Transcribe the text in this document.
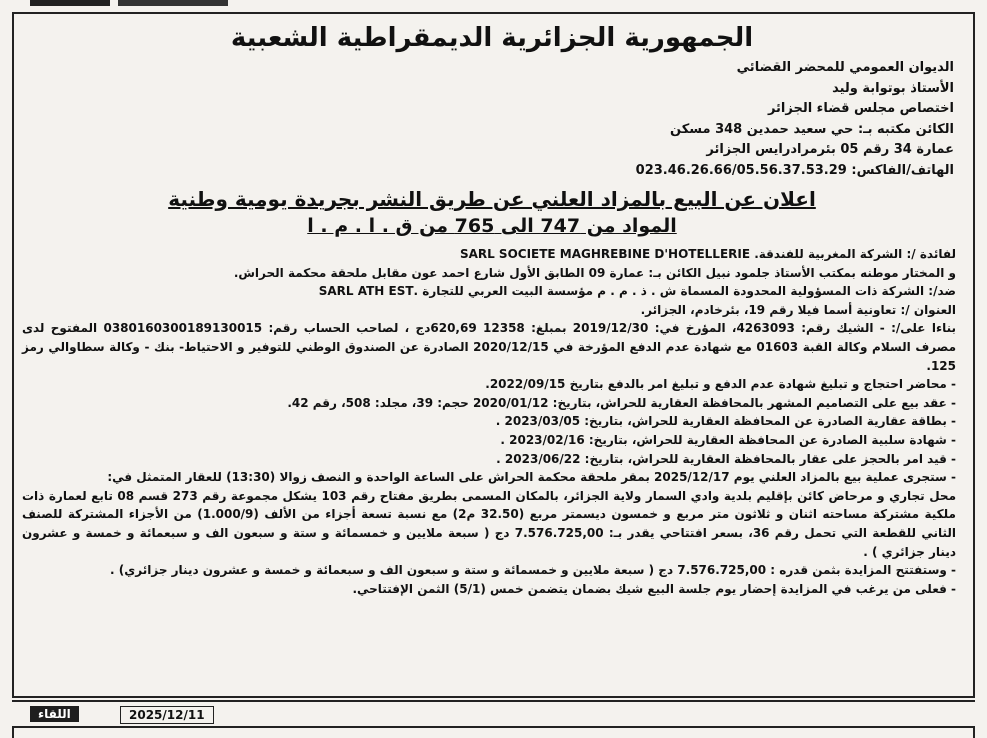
الجمهورية الجزائرية الديمقراطية الشعبية
الديوان العمومي للمحضر القضائي
الأستاذ بوتوابة وليد
اختصاص مجلس قضاء الجزائر
الكائن مكتبه بـ: حي سعيد حمدين 348 مسكن
عمارة 34 رقم 05 بئرمرادرايس الجزائر
الهاتف/الفاكس: 023.46.26.66/05.56.37.53.29
اعلان عن البيع بالمزاد العلني عن طريق النشر بجريدة يومية وطنية
المواد من 747 الى 765 من ق . ا . م . ا

لفائدة /: الشركة المغربية للفندقة. SARL SOCIETE MAGHREBINE D'HOTELLERIE

و المختار موطنه بمكتب الأستاذ جلمود نبيل الكائن بـ: عمارة 09 الطابق الأول شارع احمد عون مقابل ملحقة محكمة الحراش.

ضد/: الشركة ذات المسؤولية المحدودة المسماة ش . ذ . م . م مؤسسة البيت العربي للتجارة .SARL ATH EST

العنوان /: تعاونية أسما فيلا رقم 19، بئرخادم، الجزائر.

بناءا على/: - الشيك رقم: 4263093، المؤرخ في: 2019/12/30 بمبلغ: 12358 620,69دج ، لصاحب الحساب رقم: 0380160300189130015 المفتوح لدى مصرف السلام وكالة القبة 01603 مع شهادة عدم الدفع المؤرخة في 2020/12/15 الصادرة عن الصندوق الوطني للتوفير و الاحتياط- بنك - وكالة سطاوالي رمز 125.

- محاضر احتجاج و تبليغ شهادة عدم الدفع و تبليغ امر بالدفع بتاريخ 2022/09/15.

- عقد بيع على التصاميم المشهر بالمحافظة العقارية للحراش، بتاريخ: 2020/01/12 حجم: 39، مجلد: 508، رقم 42.

- بطاقة عقارية الصادرة عن المحافظة العقارية للحراش، بتاريخ: 2023/03/05 .

- شهادة سلبية الصادرة عن المحافظة العقارية للحراش، بتاريخ: 2023/02/16 .

- قيد امر بالحجز على عقار بالمحافظة العقارية للحراش، بتاريخ: 2023/06/22 .

- ستجرى عملية بيع بالمزاد العلني يوم 2025/12/17 بمقر ملحقة محكمة الحراش على الساعة الواحدة و النصف زوالا (13:30) للعقار المتمثل في:

محل تجاري و مرحاض كائن بإقليم بلدية وادي السمار ولاية الجزائر، بالمكان المسمى بطريق مفتاح رقم 103 يشكل مجموعة رقم 273 قسم 08 تابع لعمارة ذات ملكية مشتركة مساحته اثنان و ثلاثون متر مربع و خمسون ديسمتر مربع (32.50 م2) مع نسبة تسعة أجزاء من الألف (1.000/9) من الأجزاء المشتركة للصنف الثاني للقطعة التي تحمل رقم 36، بسعر افتتاحي يقدر بـ: 7.576.725,00 دج ( سبعة ملايين و خمسمائة و ستة و سبعون الف و سبعمائة و خمسة و عشرون دينار جزائري ) .

- وستفتتح المزايدة بثمن قدره : 7.576.725,00 دج ( سبعة ملايين و خمسمائة و ستة و سبعون الف و سبعمائة و خمسة و عشرون دينار جزائري) .

- فعلى من يرغب في المزايدة إحضار يوم جلسة البيع شيك بضمان يتضمن خمس (5/1) الثمن الإفتتاحي.

اللقاء	2025/12/11
